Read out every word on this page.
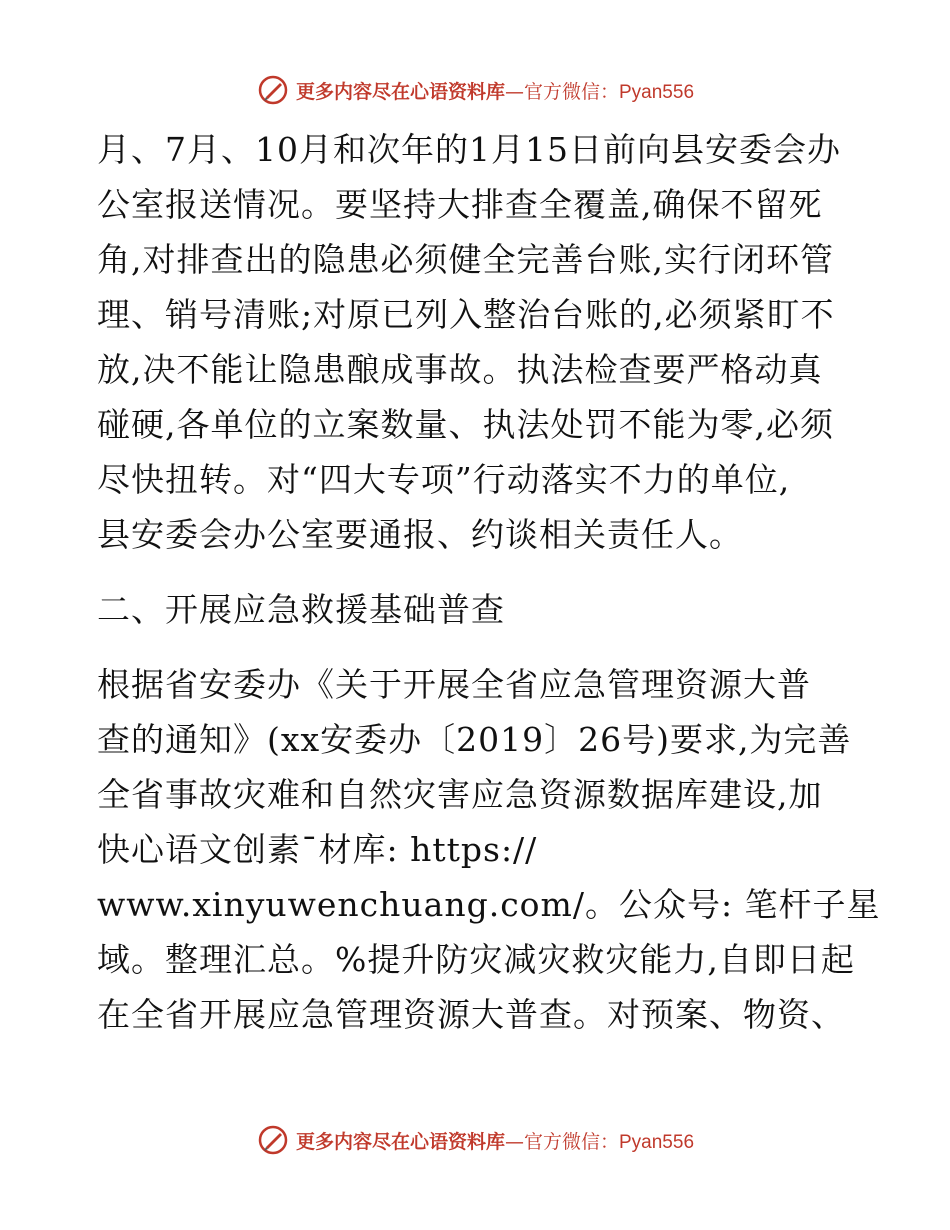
更多内容尽在心语资料库—官方微信：Pyan556
月、7月、10月和次年的1月15日前向县安委会办
公室报送情况。要坚持大排查全覆盖,确保不留死
角,对排查出的隐患必须健全完善台账,实行闭环管
理、销号清账;对原已列入整治台账的,必须紧盯不
放,决不能让隐患酿成事故。执法检查要严格动真
碰硬,各单位的立案数量、执法处罚不能为零,必须
尽快扭转。对“四大专项”行动落实不力的单位,
县安委会办公室要通报、约谈相关责任人。
二、开展应急救援基础普查
根据省安委办《关于开展全省应急管理资源大普
查的通知》(xx安委办〔2019〕26号)要求,为完善
全省事故灾难和自然灾害应急资源数据库建设,加
快心语文创素¯材库: https://
www.xinyuwenchuang.com/。公众号: 笔杆子星
域。整理汇总。%提升防灾减灾救灾能力,自即日起
在全省开展应急管理资源大普查。对预案、物资、
更多内容尽在心语资料库—官方微信：Pyan556
